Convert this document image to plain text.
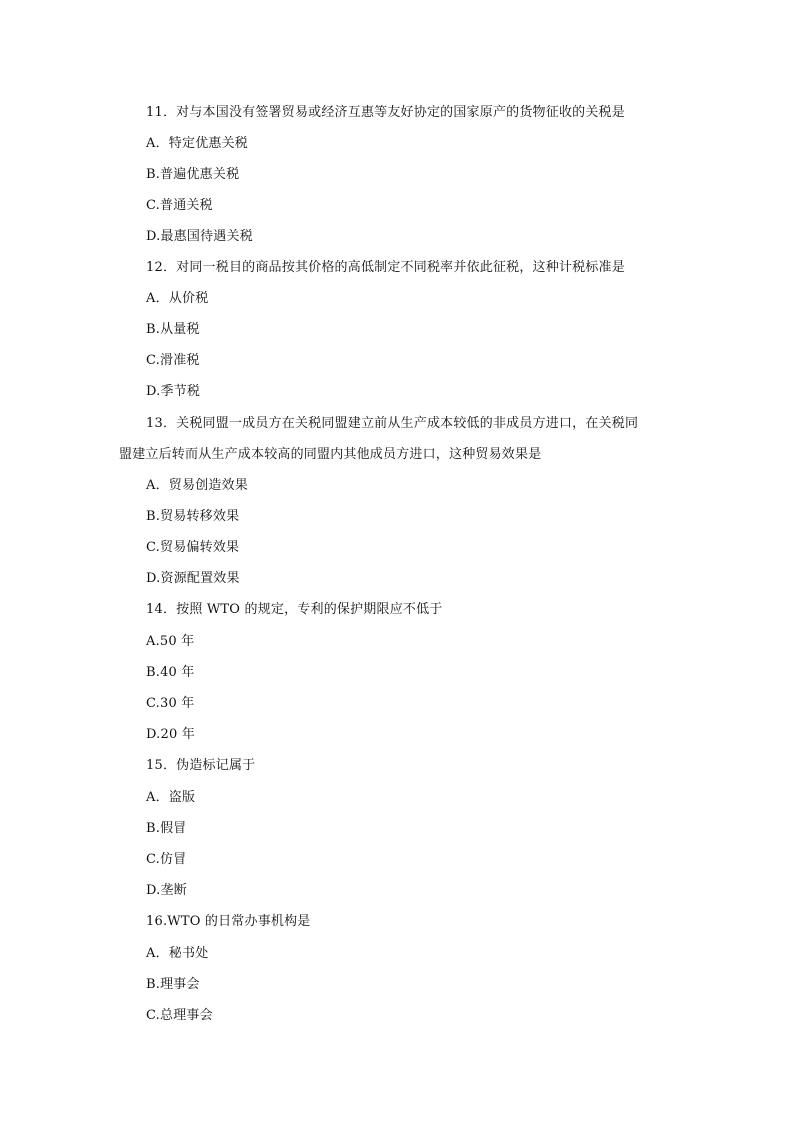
11．对与本国没有签署贸易或经济互惠等友好协定的国家原产的货物征收的关税是
A．特定优惠关税
B.普遍优惠关税
C.普通关税
D.最惠国待遇关税
12．对同一税目的商品按其价格的高低制定不同税率并依此征税，这种计税标准是
A．从价税
B.从量税
C.滑准税
D.季节税
13．关税同盟一成员方在关税同盟建立前从生产成本较低的非成员方进口，在关税同
盟建立后转而从生产成本较高的同盟内其他成员方进口，这种贸易效果是
A．贸易创造效果
B.贸易转移效果
C.贸易偏转效果
D.资源配置效果
14．按照 WTO 的规定，专利的保护期限应不低于
A.50 年
B.40 年
C.30 年
D.20 年
15．伪造标记属于
A．盗版
B.假冒
C.仿冒
D.垄断
16.WTO 的日常办事机构是
A．秘书处
B.理事会
C.总理事会
